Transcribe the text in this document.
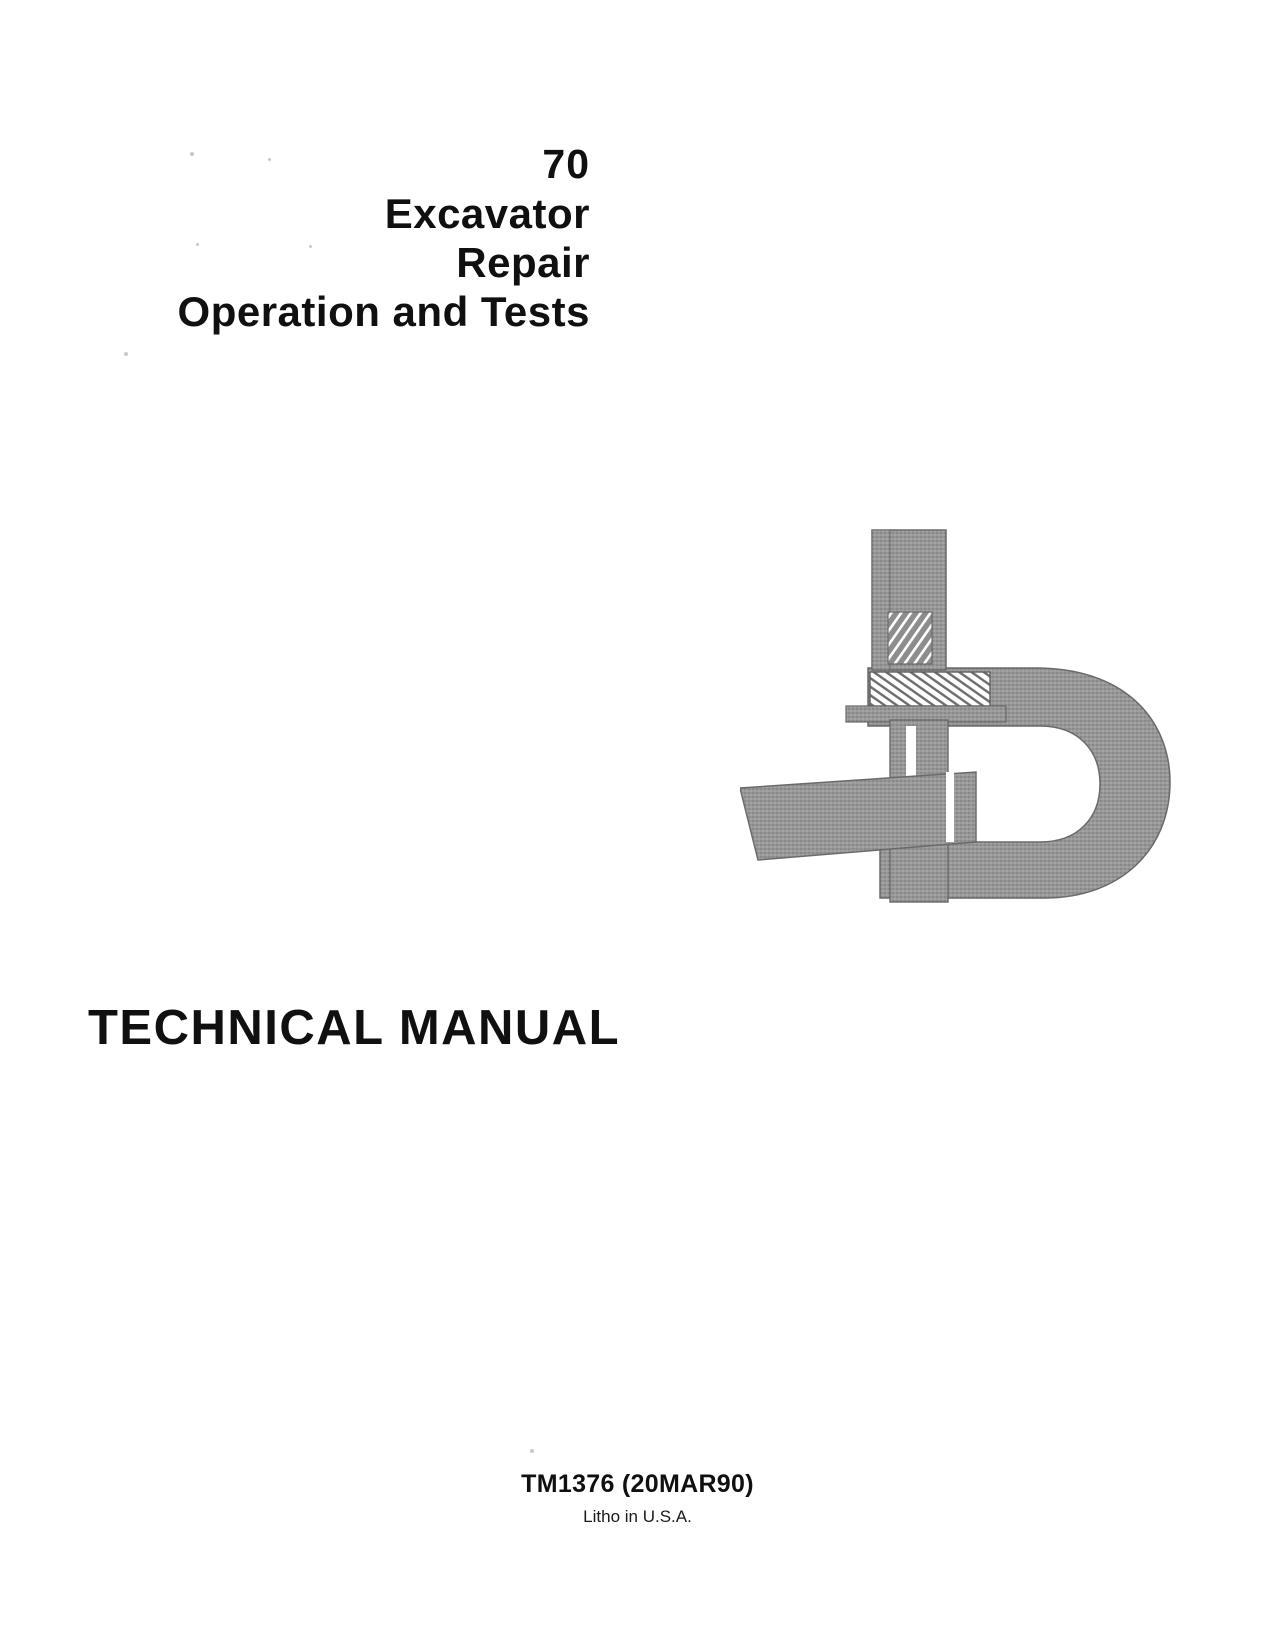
70
Excavator
Repair
Operation and Tests
TECHNICAL MANUAL
TM1376 (20MAR90)
Litho in U.S.A.
